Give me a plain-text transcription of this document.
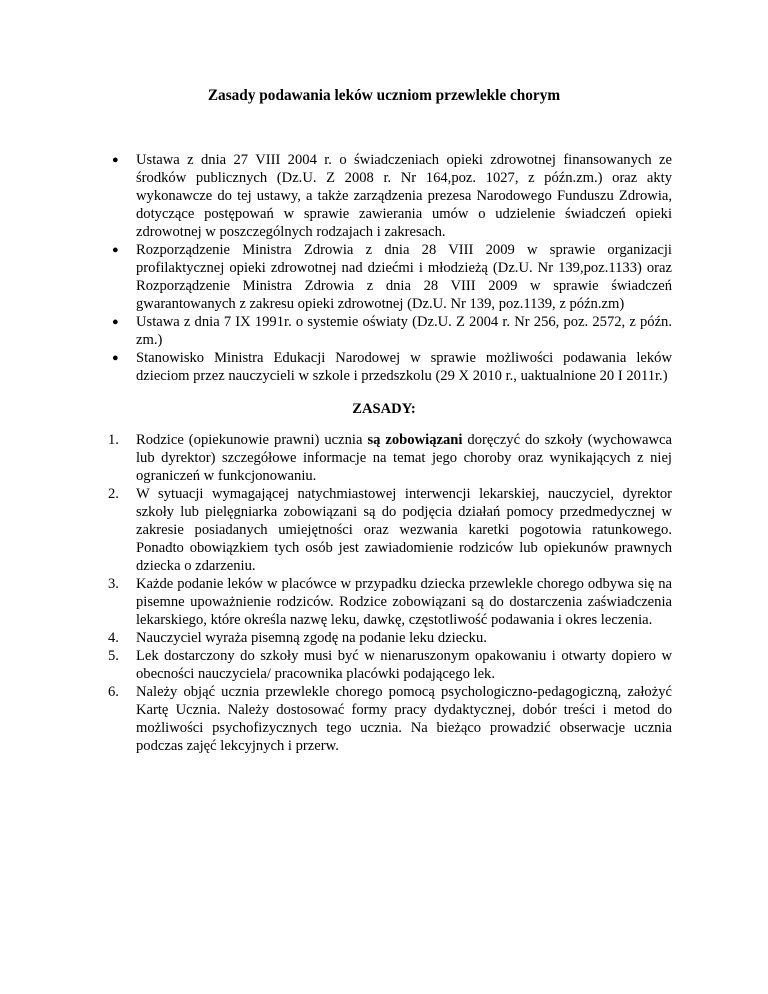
Zasady podawania leków uczniom przewlekle chorym
● Ustawa z dnia 27 VIII 2004 r. o świadczeniach opieki zdrowotnej finansowanych ze środków publicznych (Dz.U. Z 2008 r. Nr 164,poz. 1027, z późn.zm.) oraz akty wykonawcze do tej ustawy, a także zarządzenia prezesa Narodowego Funduszu Zdrowia, dotyczące postępowań w sprawie zawierania umów o udzielenie świadczeń opieki zdrowotnej w poszczególnych rodzajach i zakresach.
● Rozporządzenie Ministra Zdrowia z dnia 28 VIII 2009 w sprawie organizacji profilaktycznej opieki zdrowotnej nad dziećmi i młodzieżą (Dz.U. Nr 139,poz.1133) oraz Rozporządzenie Ministra Zdrowia z dnia 28 VIII 2009 w sprawie świadczeń gwarantowanych z zakresu opieki zdrowotnej (Dz.U. Nr 139, poz.1139, z późn.zm)
● Ustawa z dnia 7 IX 1991r. o systemie oświaty (Dz.U. Z 2004 r. Nr 256, poz. 2572, z późn. zm.)
● Stanowisko Ministra Edukacji Narodowej w sprawie możliwości podawania leków dzieciom przez nauczycieli w szkole i przedszkolu (29 X 2010 r., uaktualnione 20 I 2011r.)
ZASADY:
1. Rodzice (opiekunowie prawni) ucznia są zobowiązani doręczyć do szkoły (wychowawca lub dyrektor) szczegółowe informacje na temat jego choroby oraz wynikających z niej ograniczeń w funkcjonowaniu.
2. W sytuacji wymagającej natychmiastowej interwencji lekarskiej, nauczyciel, dyrektor szkoły lub pielęgniarka zobowiązani są do podjęcia działań pomocy przedmedycznej w zakresie posiadanych umiejętności oraz wezwania karetki pogotowia ratunkowego. Ponadto obowiązkiem tych osób jest zawiadomienie rodziców lub opiekunów prawnych dziecka o zdarzeniu.
3. Każde podanie leków w placówce w przypadku dziecka przewlekle chorego odbywa się na pisemne upoważnienie rodziców. Rodzice zobowiązani są do dostarczenia zaświadczenia lekarskiego, które określa nazwę leku, dawkę, częstotliwość podawania i okres leczenia.
4. Nauczyciel wyraża pisemną zgodę na podanie leku dziecku.
5. Lek dostarczony do szkoły musi być w nienaruszonym opakowaniu i otwarty dopiero w obecności nauczyciela/ pracownika placówki podającego lek.
6. Należy objąć ucznia przewlekle chorego pomocą psychologiczno-pedagogiczną, założyć Kartę Ucznia. Należy dostosować formy pracy dydaktycznej, dobór treści i metod do możliwości psychofizycznych tego ucznia. Na bieżąco prowadzić obserwacje ucznia podczas zajęć lekcyjnych i przerw.
